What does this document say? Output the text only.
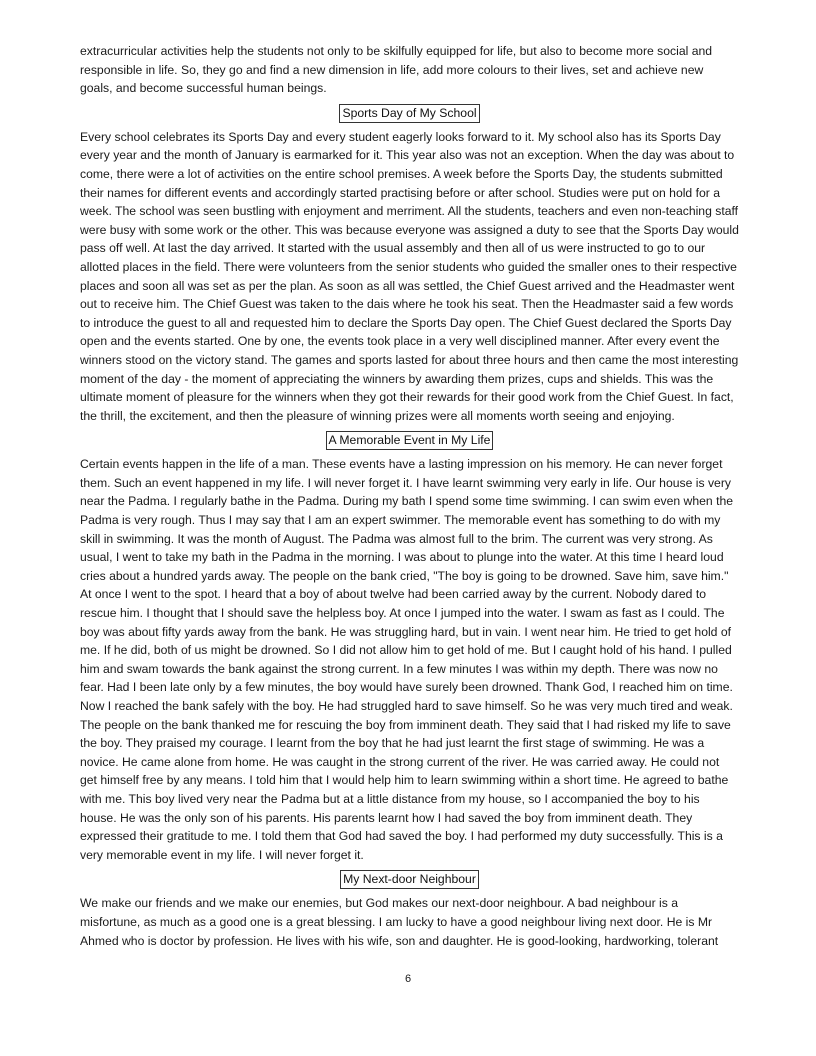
extracurricular activities help the students not only to be skilfully equipped for life, but also to become more social and responsible in life. So, they go and find a new dimension in life, add more colours to their lives, set and achieve new goals, and become successful human beings.

Sports Day of My School

Every school celebrates its Sports Day and every student eagerly looks forward to it. My school also has its Sports Day every year and the month of January is earmarked for it. This year also was not an exception. When the day was about to come, there were a lot of activities on the entire school premises. A week before the Sports Day, the students submitted their names for different events and accordingly started practising before or after school. Studies were put on hold for a week. The school was seen bustling with enjoyment and merriment. All the students, teachers and even non-teaching staff were busy with some work or the other. This was because everyone was assigned a duty to see that the Sports Day would pass off well. At last the day arrived. It started with the usual assembly and then all of us were instructed to go to our allotted places in the field. There were volunteers from the senior students who guided the smaller ones to their respective places and soon all was set as per the plan. As soon as all was settled, the Chief Guest arrived and the Headmaster went out to receive him. The Chief Guest was taken to the dais where he took his seat. Then the Headmaster said a few words to introduce the guest to all and requested him to declare the Sports Day open. The Chief Guest declared the Sports Day open and the events started. One by one, the events took place in a very well disciplined manner. After every event the winners stood on the victory stand. The games and sports lasted for about three hours and then came the most interesting moment of the day - the moment of appreciating the winners by awarding them prizes, cups and shields. This was the ultimate moment of pleasure for the winners when they got their rewards for their good work from the Chief Guest. In fact, the thrill, the excitement, and then the pleasure of winning prizes were all moments worth seeing and enjoying.

A Memorable Event in My Life

Certain events happen in the life of a man. These events have a lasting impression on his memory. He can never forget them. Such an event happened in my life. I will never forget it. I have learnt swimming very early in life. Our house is very near the Padma. I regularly bathe in the Padma. During my bath I spend some time swimming. I can swim even when the Padma is very rough. Thus I may say that I am an expert swimmer. The memorable event has something to do with my skill in swimming. It was the month of August. The Padma was almost full to the brim. The current was very strong. As usual, I went to take my bath in the Padma in the morning. I was about to plunge into the water. At this time I heard loud cries about a hundred yards away. The people on the bank cried, "The boy is going to be drowned. Save him, save him." At once I went to the spot. I heard that a boy of about twelve had been carried away by the current. Nobody dared to rescue him. I thought that I should save the helpless boy. At once I jumped into the water. I swam as fast as I could. The boy was about fifty yards away from the bank. He was struggling hard, but in vain. I went near him. He tried to get hold of me. If he did, both of us might be drowned. So I did not allow him to get hold of me. But I caught hold of his hand. I pulled him and swam towards the bank against the strong current. In a few minutes I was within my depth. There was now no fear. Had I been late only by a few minutes, the boy would have surely been drowned. Thank God, I reached him on time. Now I reached the bank safely with the boy. He had struggled hard to save himself. So he was very much tired and weak. The people on the bank thanked me for rescuing the boy from imminent death. They said that I had risked my life to save the boy. They praised my courage. I learnt from the boy that he had just learnt the first stage of swimming. He was a novice. He came alone from home. He was caught in the strong current of the river. He was carried away. He could not get himself free by any means. I told him that I would help him to learn swimming within a short time. He agreed to bathe with me. This boy lived very near the Padma but at a little distance from my house, so I accompanied the boy to his house. He was the only son of his parents. His parents learnt how I had saved the boy from imminent death. They expressed their gratitude to me. I told them that God had saved the boy. I had performed my duty successfully. This is a very memorable event in my life. I will never forget it.

My Next-door Neighbour

We make our friends and we make our enemies, but God makes our next-door neighbour. A bad neighbour is a misfortune, as much as a good one is a great blessing. I am lucky to have a good neighbour living next door. He is Mr Ahmed who is doctor by profession. He lives with his wife, son and daughter. He is good-looking, hardworking, tolerant

6
